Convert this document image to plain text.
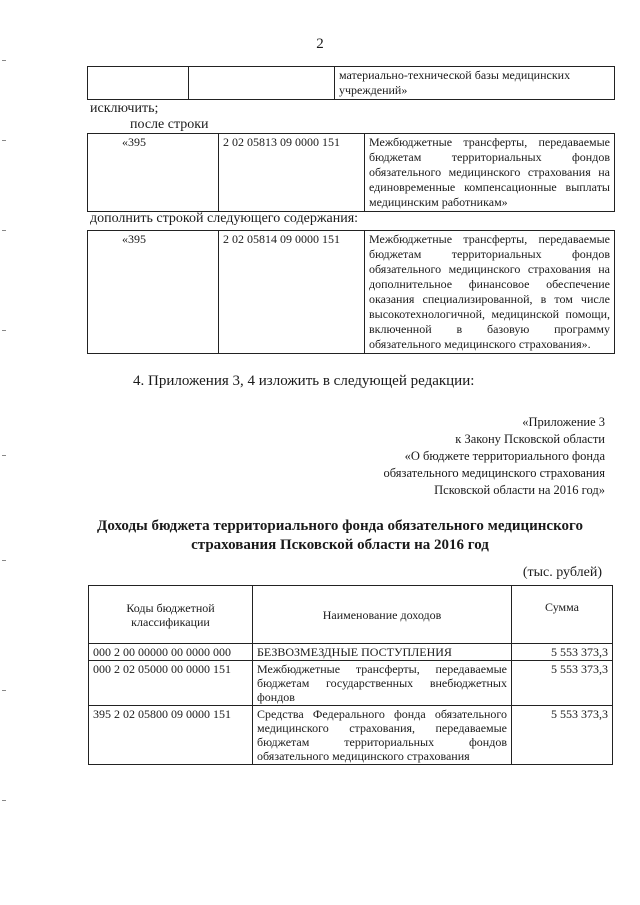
2
		материально-технической базы медицинских учреждений»
исключить;
после строки
«395	2 02 05813 09 0000 151	Межбюджетные трансферты, передаваемые бюджетам территориальных фондов обязательного медицинского страхования на единовременные компенсационные выплаты медицинским работникам»
дополнить строкой следующего содержания:
«395	2 02 05814 09 0000 151	Межбюджетные трансферты, передаваемые бюджетам территориальных фондов обязательного медицинского страхования на дополнительное финансовое обеспечение оказания специализированной, в том числе высокотехнологичной, медицинской помощи, включенной в базовую программу обязательного медицинского страхования».
4. Приложения 3, 4 изложить в следующей редакции:
«Приложение 3
к Закону Псковской области
«О бюджете территориального фонда
обязательного медицинского страхования
Псковской области на 2016 год»
Доходы бюджета территориального фонда обязательного медицинского
страхования Псковской области на 2016 год
(тыс. рублей)
Коды бюджетной классификации	Наименование доходов	Сумма
000 2 00 00000 00 0000 000	БЕЗВОЗМЕЗДНЫЕ ПОСТУПЛЕНИЯ	5 553 373,3
000 2 02 05000 00 0000 151	Межбюджетные трансферты, передаваемые бюджетам государственных внебюджетных фондов	5 553 373,3
395 2 02 05800 09 0000 151	Средства Федерального фонда обязательного медицинского страхования, передаваемые бюджетам территориальных фондов обязательного медицинского страхования	5 553 373,3
